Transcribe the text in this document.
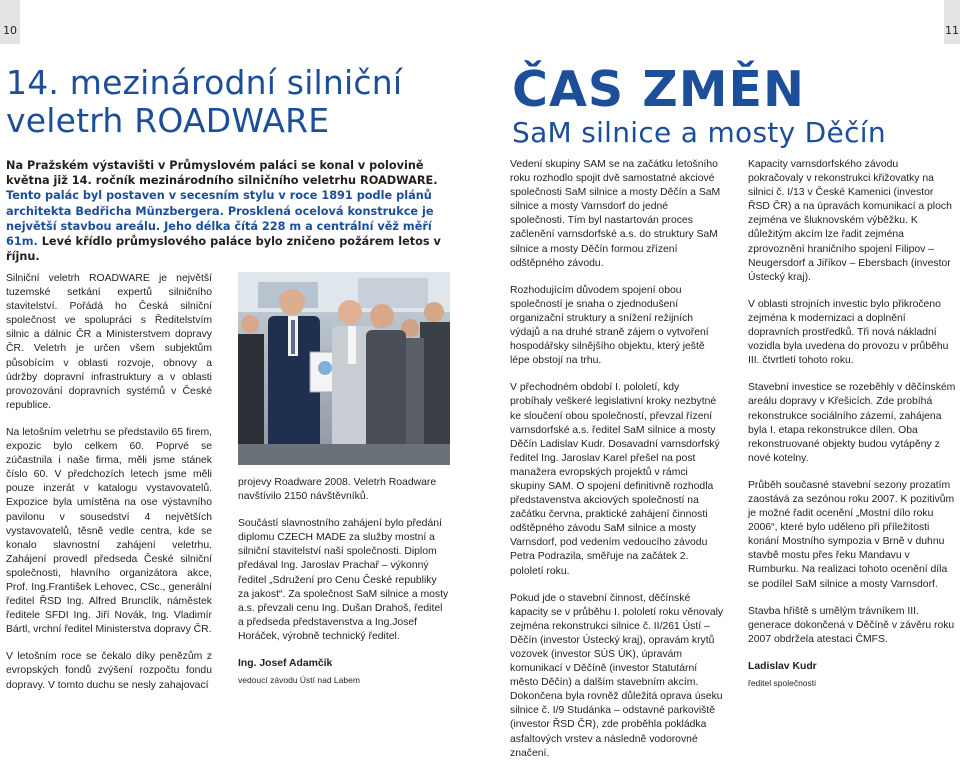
10	11
14. mezinárodní silniční veletrh ROADWARE
Na Pražském výstavišti v Průmyslovém paláci se konal v polovině května již 14. ročník mezinárodního silničního veletrhu ROADWARE. Tento palác byl postaven v secesním stylu v roce 1891 podle plánů architekta Bedřicha Münzbergera. Prosklená ocelová konstrukce je největší stavbou areálu. Jeho délka čítá 228 m a centrální věž měří 61m. Levé křídlo průmyslového paláce bylo zničeno požárem letos v říjnu.

Silniční veletrh ROADWARE je největší tuzemské setkání expertů silničního stavitelství. Pořádá ho Česká silniční společnost ve spolupráci s Ředitelstvím silnic a dálnic ČR a Ministerstvem dopravy ČR. Veletrh je určen všem subjektům působícím v oblasti rozvoje, obnovy a údržby dopravní infrastruktury a v oblasti provozování dopravních systémů v České republice.

Na letošním veletrhu se představilo 65 firem, expozic bylo celkem 60. Poprvé se zúčastnila i naše firma, měli jsme stánek číslo 60. V předchozích letech jsme měli pouze inzerát v katalogu vystavovatelů. Expozice byla umístěna na ose výstavního pavilonu v sousedství 4 největších vystavovatelů, těsně vedle centra, kde se konalo slavnostní zahájení veletrhu. Zahájení provedl předseda České silniční společnosti, hlavního organizátora akce, Prof. Ing.František Lehovec, CSc., generální ředitel ŘSD Ing. Alfred Brunclík, náměstek ředitele SFDI Ing. Jiří Novák, Ing. Vladimír Bártl, vrchní ředitel Ministerstva dopravy ČR.

V letošním roce se čekalo díky penězům z evropských fondů zvýšení rozpočtu fondu dopravy. V tomto duchu se nesly zahajovací

projevy Roadware 2008. Veletrh Roadware navštívilo 2150 návštěvníků.

Součástí slavnostního zahájení bylo předání diplomu CZECH MADE za služby mostní a silniční stavitelství naší společnosti. Diplom předával Ing. Jaroslav Prachař – výkonný ředitel „Sdružení pro Cenu České republiky za jakost“. Za společnost SaM silnice a mosty a.s. převzali cenu Ing. Dušan Drahoš, ředitel a předseda představenstva a Ing.Josef Horáček, výrobně technický ředitel.

Ing. Josef Adamčík

vedoucí závodu Ústí nad Labem

ČAS ZMĚN
SaM silnice a mosty Děčín

Vedení skupiny SAM se na začátku letošního roku rozhodlo spojit dvě samostatné akciové společnosti SaM silnice a mosty Děčín a SaM silnice a mosty Varnsdorf do jedné společnosti. Tím byl nastartován proces začlenění varnsdorfské a.s. do struktury SaM silnice a mosty Děčín formou zřízení odštěpného závodu.

Rozhodujícím důvodem spojení obou společností je snaha o zjednodušení organizační struktury a snížení režijních výdajů a na druhé straně zájem o vytvoření hospodářsky silnějšího objektu, který ještě lépe obstojí na trhu.

V přechodném období I. pololetí, kdy probíhaly veškeré legislativní kroky nezbytné ke sloučení obou společností, převzal řízení varnsdorfské a.s. ředitel SaM silnice a mosty Děčín Ladislav Kudr. Dosavadní varnsdorfský ředitel Ing. Jaroslav Karel přešel na post manažera evropských projektů v rámci skupiny SAM. O spojení definitivně rozhodla představenstva akciových společností na začátku června, praktické zahájení činnosti odštěpného závodu SaM silnice a mosty Varnsdorf, pod vedením vedoucího závodu Petra Podrazila, směřuje na začátek 2. pololetí roku.

Pokud jde o stavební činnost, děčínské kapacity se v průběhu I. pololetí roku věnovaly zejména rekonstrukci silnice č. II/261 Ústí – Děčín (investor Ústecký kraj), opravám krytů vozovek (investor SÚS ÚK), úpravám komunikací v Děčíně (investor Statutární město Děčín) a dalším stavebním akcím. Dokončena byla rovněž důležitá oprava úseku silnice č. I/9 Studánka – odstavné parkoviště (investor ŘSD ČR), zde proběhla pokládka asfaltových vrstev a následně vodorovné značení.

Kapacity varnsdorfského závodu pokračovaly v rekonstrukci křižovatky na silnici č. I/13 v České Kamenici (investor ŘSD ČR) a na úpravách komunikací a ploch zejména ve šluknovském výběžku. K důležitým akcím lze řadit zejména zprovoznění hraničního spojení Filipov – Neugersdorf a Jiříkov – Ebersbach (investor Ústecký kraj).

V oblasti strojních investic bylo přikročeno zejména k modernizaci a doplnění dopravních prostředků. Tři nová nákladní vozidla byla uvedena do provozu v průběhu III. čtvrtletí tohoto roku.

Stavební investice se rozeběhly v děčínském areálu dopravy v Křešicích. Zde probíhá rekonstrukce sociálního zázemí, zahájena byla I. etapa rekonstrukce dílen. Oba rekonstruované objekty budou vytápěny z nové kotelny.

Průběh současné stavební sezony prozatím zaostává za sezónou roku 2007. K pozitivům je možné řadit ocenění „Mostní dílo roku 2006“, které bylo uděleno při příležitosti konání Mostního sympozia v Brně v duhnu stavbě mostu přes řeku Mandavu v Rumburku. Na realizaci tohoto ocenění díla se podílel SaM silnice a mosty Varnsdorf.

Stavba hřiště s umělým trávníkem III. generace dokončená v Děčíně v závěru roku 2007 obdržela atestaci ČMFS.

Ladislav Kudr

ředitel společnosti
